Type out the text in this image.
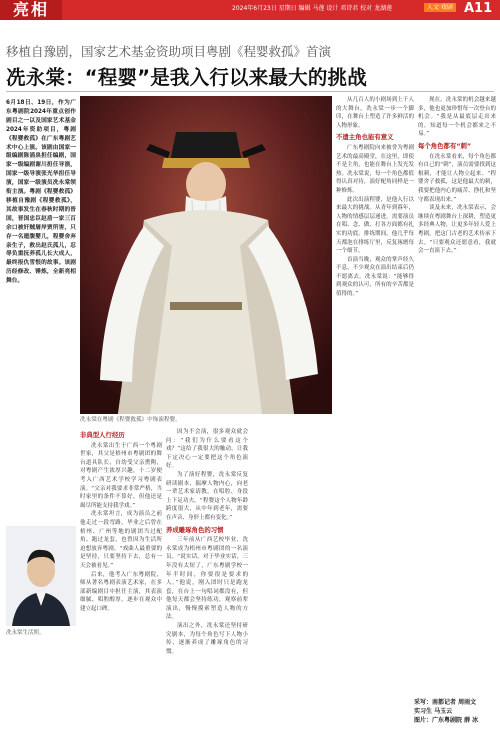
亮相	2024年6月23日 星期日 编辑 马莲 设计 邓诗君 校对 龙湖莲	人文·戏剧 A11
移植自豫剧，国家艺术基金资助项目粤剧《程婴救孤》首演
冼永棠：“程婴”是我入行以来最大的挑战
6月18日、19日，作为广东粤剧院2024年重点创作剧目之一以及国家艺术基金2024年资助项目，粤剧《程婴救孤》在广东粤剧艺术中心上演。该剧由国家一级编剧陈涌泉担任编剧，国家一级编剧谢川担任导演，国家一级导演张光华担任导演，国家一级演员冼永棠领衔主演。粤剧《程婴救孤》移植自豫剧《程婴救孤》，其故事发生在春秋时期的晋国，晋国忠臣赵盾一家三百余口被奸贼屠岸贾所害，只存一名遗腹婴儿，程婴舍弃亲生子，救出赵氏孤儿，忍辱负重抚养孤儿长大成人，最终报仇雪恨的故事。该剧历经修改、锤炼，全新亮相舞台。
冼永棠在粤剧《程婴救孤》中饰演程婴。
冼永棠生活照。
非典型人行经历

冼永棠出生于广西一个粤剧世家，其父是梧州市粤剧团的舞台道具队长，自幼受父亲熏陶，对粤剧产生浓厚兴趣，十二岁便考入广西艺术学校学习粤剧表演。“父亲对我要求非常严格，当时家里的条件不算好，但他还是竭尽所能支持我学戏。”

冼永棠坦言，成为演员之前他走过一段弯路，毕业之后曾在梧州、广州等地的剧团当过配角、跑过龙套，也曾因为生活所迫想放弃粤剧。“戏曲人最重要的是坚持，只要坚持下去，总有一天会被看见。”

后来，他考入广东粤剧院，师从著名粤剧表演艺术家，在多部新编剧目中担任主演，其表演细腻、唱腔醇厚，逐步在观众中建立起口碑。

因为不会演，很多观众就会问：“我们为什么要看这个戏？”这给了我很大的触动，让我下定决心一定要把这个角色演好。

为了演好程婴，冼永棠反复研读剧本，揣摩人物内心，向老一辈艺术家请教，在唱腔、身段上下足功夫。“程婴这个人物年龄跨度很大，从中年到老年，需要在声音、身形上都有变化。”

养成雕琢角色的习惯

三年前从广西艺校毕业，冼永棠成为梧州市粤剧团的一名演员。“说实话，对于毕业实话，三年没有太短了，广东粤剧学校一年半时间，你要很是要求的人。”他说，刚入团时只是跑龙套，在台上一句唱词都没有，但他每天都会坚持练功，观察前辈演出，慢慢摸索塑造人物的方法。

演出之外，冼永棠还坚持研究剧本，为每个角色写下人物小传，逐渐养成了雕琢角色的习惯。

从几百人的小剧场到上千人的大舞台，冼永棠一步一个脚印，在舞台上塑造了许多鲜活的人物形象。

不遗主角也能有意义

广东粤剧院向来被誉为粤剧艺术的最高殿堂，在这里，即使不是主角，也能在舞台上发光发热。冼永棠说，每一个角色都值得认真对待，演好配角同样是一种修炼。

此次出演程婴，是他入行以来最大的挑战。从青年到暮年，人物的情感层层递进，需要演员在唱、念、做、打各方面都有扎实的功底。排练期间，他几乎每天都泡在排练厅里，反复琢磨每一个细节。

首演当晚，观众的掌声经久不息，不少观众在演出结束后仍不愿离去。冼永棠说：“能够得到观众的认可，所有的辛苦都是值得的。”

现在，冼永棠的机会越来越多，他也更加珍惜每一次登台的机会。“我是从最底层走出来的，知道每一个机会都来之不易。”

每个角色都有“刺”

在冼永棠看来，每个角色都有自己的“刺”，演员需要找到这根刺，才能让人物立起来。“程婴舍子救孤，这是他最大的刺，我要把他内心的痛苦、挣扎和坚守都表现出来。”

谈及未来，冼永棠表示，会继续在粤剧舞台上深耕，塑造更多经典人物，让更多年轻人爱上粤剧，把这门古老的艺术传承下去。“只要观众还愿意看，我就会一直演下去。”

采写：南都记者 周雨文
实习生 马玉云
图片：广东粤剧院 薛 冰
